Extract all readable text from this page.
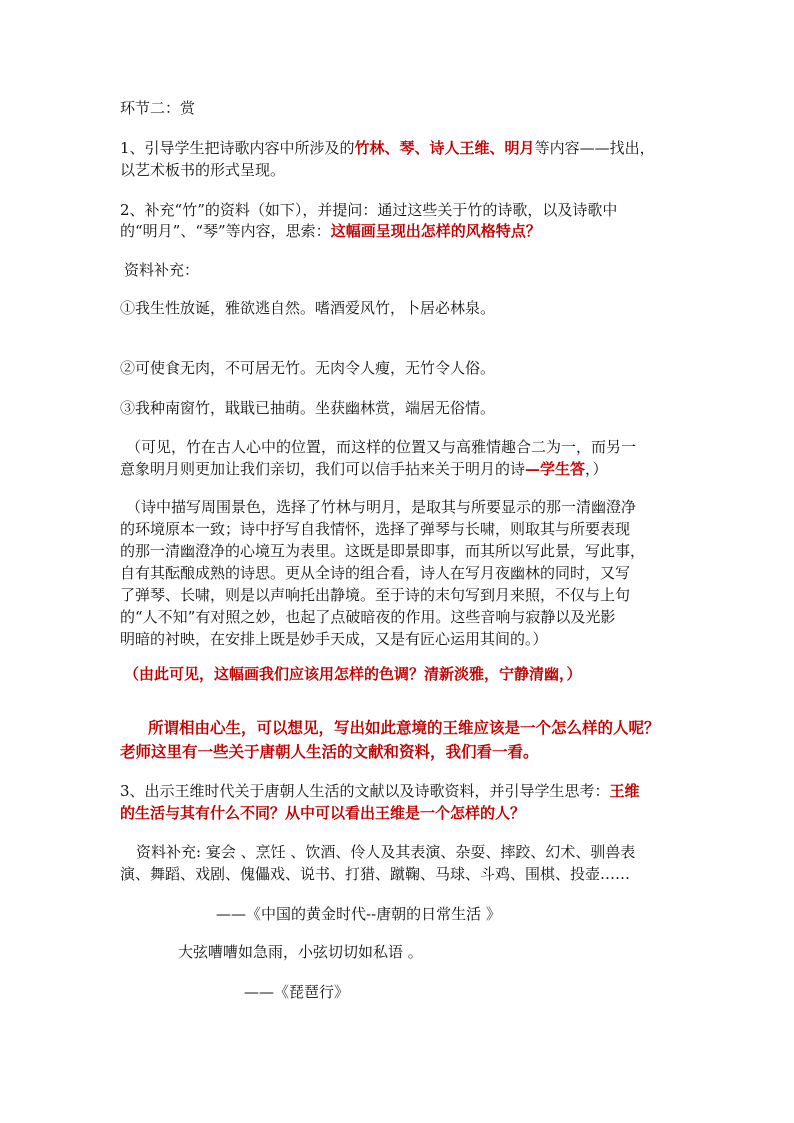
环节二：赏
1、引导学生把诗歌内容中所涉及的竹林、琴、诗人王维、明月等内容——找出，
以艺术板书的形式呈现。
2、补充“竹”的资料（如下），并提问：通过这些关于竹的诗歌，以及诗歌中
的“明月”、“琴”等内容，思索：这幅画呈现出怎样的风格特点？
资料补充：
①我生性放诞，雅欲逃自然。嗜酒爱风竹，卜居必林泉。
②可使食无肉，不可居无竹。无肉令人瘦，无竹令人俗。
③我种南窗竹，戢戢已抽萌。坐获幽林赏，端居无俗情。
（可见，竹在古人心中的位置，而这样的位置又与高雅情趣合二为一，而另一
意象明月则更加让我们亲切，我们可以信手拈来关于明月的诗—学生答，）
（诗中描写周围景色，选择了竹林与明月，是取其与所要显示的那一清幽澄净
的环境原本一致；诗中抒写自我情怀，选择了弹琴与长啸，则取其与所要表现
的那一清幽澄净的心境互为表里。这既是即景即事，而其所以写此景，写此事，
自有其酝酿成熟的诗思。更从全诗的组合看，诗人在写月夜幽林的同时，又写
了弹琴、长啸，则是以声响托出静境。至于诗的末句写到月来照，不仅与上句
的“人不知”有对照之妙，也起了点破暗夜的作用。这些音响与寂静以及光影
明暗的衬映，在安排上既是妙手天成，又是有匠心运用其间的。）
（由此可见，这幅画我们应该用怎样的色调？清新淡雅，宁静清幽，）
所谓相由心生，可以想见，写出如此意境的王维应该是一个怎么样的人呢？
老师这里有一些关于唐朝人生活的文献和资料，我们看一看。
3、出示王维时代关于唐朝人生活的文献以及诗歌资料，并引导学生思考：王维
的生活与其有什么不同？从中可以看出王维是一个怎样的人？
资料补充: 宴会 、烹饪 、饮酒、伶人及其表演、杂耍、摔跤、幻术、驯兽表
演、舞蹈、戏剧、傀儡戏、说书、打猎、蹴鞠、马球、斗鸡、围棋、投壶……
——《中国的黄金时代--唐朝的日常生活 》
大弦嘈嘈如急雨，小弦切切如私语 。
——《琵琶行》
